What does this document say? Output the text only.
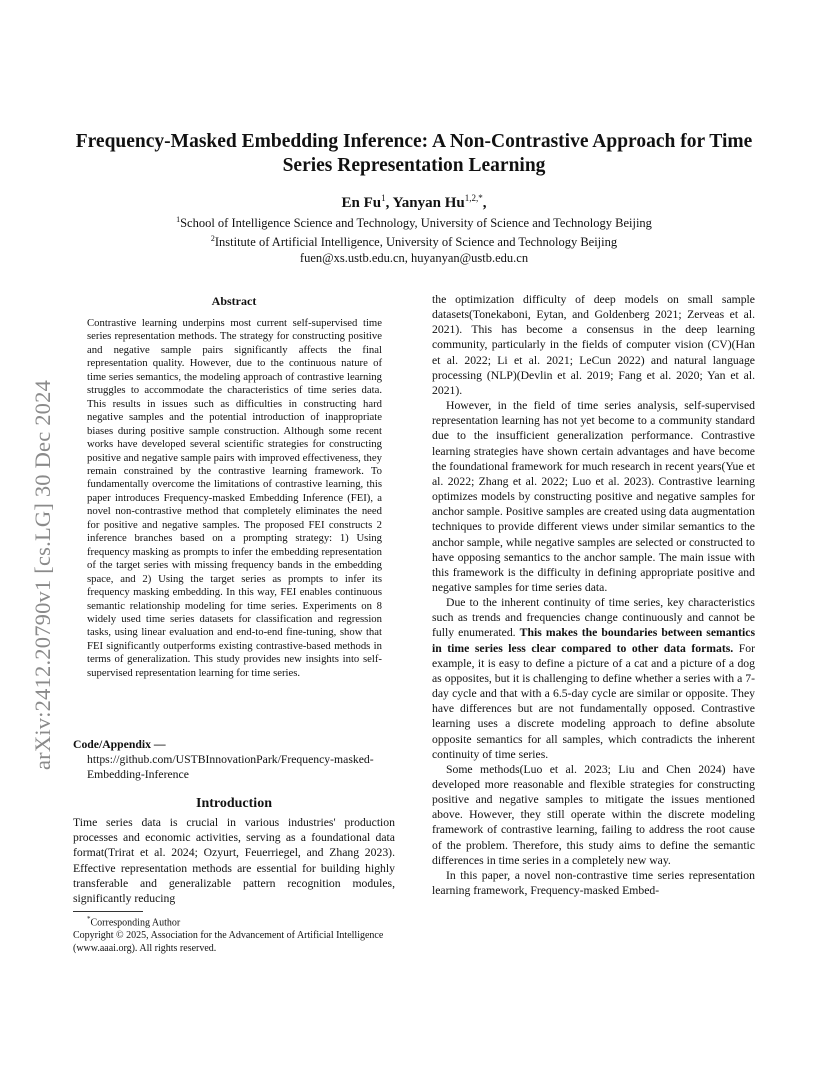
arXiv:2412.20790v1 [cs.LG] 30 Dec 2024
Frequency-Masked Embedding Inference: A Non-Contrastive Approach for Time Series Representation Learning
En Fu$^1$, Yanyan $Hu^{1,2,*}$,
$^1$School of Intelligence Science and Technology, University of Science and Technology Beijing
$^2$Institute of Artificial Intelligence, University of Science and Technology Beijing
fuen@xs.ustb.edu.cn, huyanyan@ustb.edu.cn
Abstract
Contrastive learning underpins most current self-supervised time series representation methods. The strategy for constructing positive and negative sample pairs significantly affects the final representation quality. However, due to the continuous nature of time series semantics, the modeling approach of contrastive learning struggles to accommodate the characteristics of time series data. This results in issues such as difficulties in constructing hard negative samples and the potential introduction of inappropriate biases during positive sample construction. Although some recent works have developed several scientific strategies for constructing positive and negative sample pairs with improved effectiveness, they remain constrained by the contrastive learning framework. To fundamentally overcome the limitations of contrastive learning, this paper introduces Frequency-masked Embedding Inference (FEI), a novel non-contrastive method that completely eliminates the need for positive and negative samples. The proposed FEI constructs 2 inference branches based on a prompting strategy: 1) Using frequency masking as prompts to infer the embedding representation of the target series with missing frequency bands in the embedding space, and 2) Using the target series as prompts to infer its frequency masking embedding. In this way, FEI enables continuous semantic relationship modeling for time series. Experiments on 8 widely used time series datasets for classification and regression tasks, using linear evaluation and end-to-end fine-tuning, show that FEI significantly outperforms existing contrastive-based methods in terms of generalization. This study provides new insights into self-supervised representation learning for time series.
Code/Appendix —
https://github.com/USTBInnovationPark/Frequency-masked-Embedding-Inference
Introduction
Time series data is crucial in various industries' production processes and economic activities, serving as a foundational data format(Trirat et al. 2024; Ozyurt, Feuerriegel, and Zhang 2023). Effective representation methods are essential for building highly transferable and generalizable pattern recognition modules, significantly reducing
*Corresponding Author
Copyright © 2025, Association for the Advancement of Artificial Intelligence (www.aaai.org). All rights reserved.

the optimization difficulty of deep models on small sample datasets(Tonekaboni, Eytan, and Goldenberg 2021; Zerveas et al. 2021). This has become a consensus in the deep learning community, particularly in the fields of computer vision (CV)(Han et al. 2022; Li et al. 2021; LeCun 2022) and natural language processing (NLP)(Devlin et al. 2019; Fang et al. 2020; Yan et al. 2021).

However, in the field of time series analysis, self-supervised representation learning has not yet become to a community standard due to the insufficient generalization performance. Contrastive learning strategies have shown certain advantages and have become the foundational framework for much research in recent years(Yue et al. 2022; Zhang et al. 2022; Luo et al. 2023). Contrastive learning optimizes models by constructing positive and negative samples for anchor sample. Positive samples are created using data augmentation techniques to provide different views under similar semantics to the anchor sample, while negative samples are selected or constructed to have opposing semantics to the anchor sample. The main issue with this framework is the difficulty in defining appropriate positive and negative samples for time series data.

Due to the inherent continuity of time series, key characteristics such as trends and frequencies change continuously and cannot be fully enumerated. This makes the boundaries between semantics in time series less clear compared to other data formats. For example, it is easy to define a picture of a cat and a picture of a dog as opposites, but it is challenging to define whether a series with a 7-day cycle and that with a 6.5-day cycle are similar or opposite. They have differences but are not fundamentally opposed. Contrastive learning uses a discrete modeling approach to define absolute opposite semantics for all samples, which contradicts the inherent continuity of time series.

Some methods(Luo et al. 2023; Liu and Chen 2024) have developed more reasonable and flexible strategies for constructing positive and negative samples to mitigate the issues mentioned above. However, they still operate within the discrete modeling framework of contrastive learning, failing to address the root cause of the problem. Therefore, this study aims to define the semantic differences in time series in a completely new way.

In this paper, a novel non-contrastive time series representation learning framework, Frequency-masked Embed-
